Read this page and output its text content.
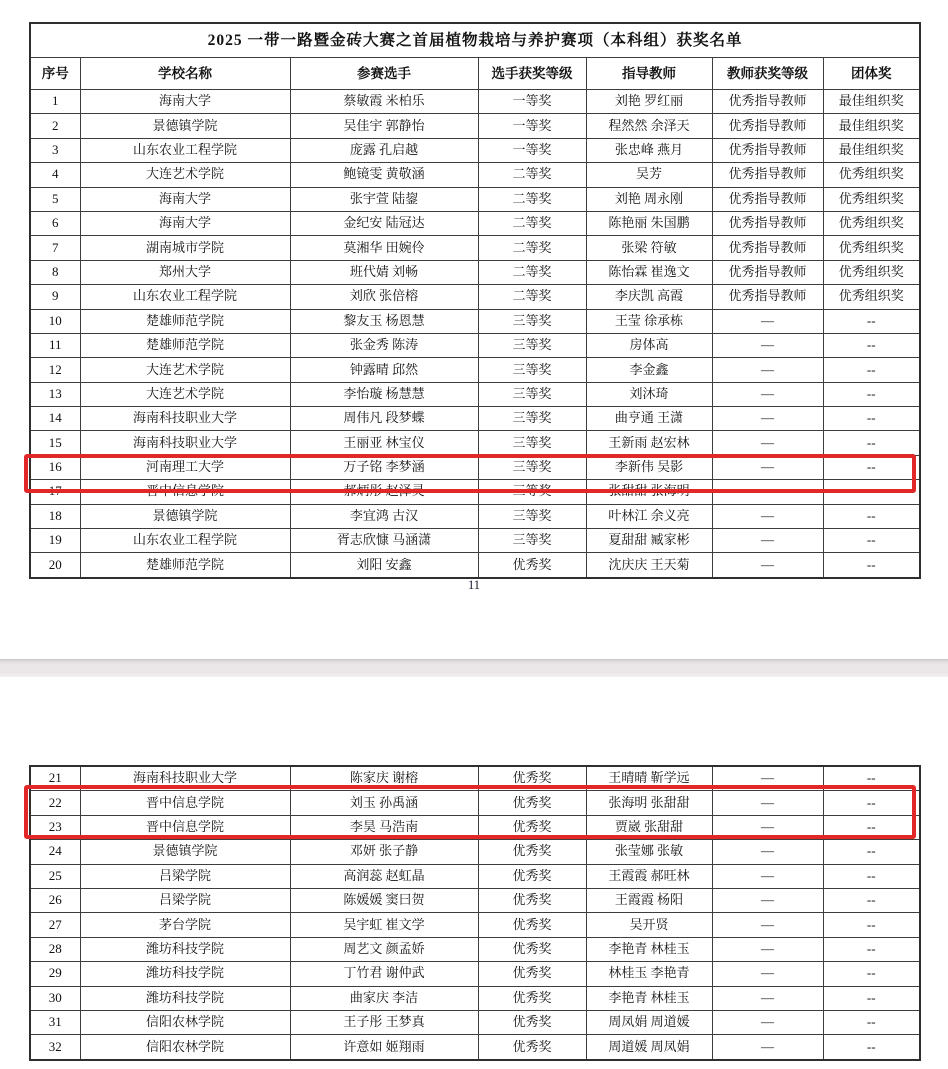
2025 一带一路暨金砖大赛之首届植物栽培与养护赛项（本科组）获奖名单						
序号	学校名称	参赛选手	选手获奖等级	指导教师	教师获奖等级	团体奖
1	海南大学	蔡敏霞 米柏乐	一等奖	刘艳 罗红丽	优秀指导教师	最佳组织奖
2	景德镇学院	吴佳宇 郭静怡	一等奖	程然然 余泽天	优秀指导教师	最佳组织奖
3	山东农业工程学院	庞露 孔启越	一等奖	张忠峰 燕月	优秀指导教师	最佳组织奖
4	大连艺术学院	鲍镜雯 黄敬涵	二等奖	吴芳	优秀指导教师	优秀组织奖
5	海南大学	张宇萱 陆鋆	二等奖	刘艳 周永刚	优秀指导教师	优秀组织奖
6	海南大学	金纪安 陆冠达	二等奖	陈艳丽 朱国鹏	优秀指导教师	优秀组织奖
7	湖南城市学院	莫湘华 田婉伶	二等奖	张梁 符敏	优秀指导教师	优秀组织奖
8	郑州大学	班代婧 刘畅	二等奖	陈怡霖 崔逸文	优秀指导教师	优秀组织奖
9	山东农业工程学院	刘欣 张倍榕	二等奖	李庆凯 高霞	优秀指导教师	优秀组织奖
10	楚雄师范学院	黎友玉 杨恩慧	三等奖	王莹 徐承栋	—	--
11	楚雄师范学院	张金秀 陈涛	三等奖	房体高	—	--
12	大连艺术学院	钟露晴 邱然	三等奖	李金鑫	—	--
13	大连艺术学院	李怡璇 杨慧慧	三等奖	刘沐琦	—	--
14	海南科技职业大学	周伟凡 段梦蝶	三等奖	曲亨通 王潇	—	--
15	海南科技职业大学	王丽亚 林宝仪	三等奖	王新雨 赵宏林	—	--
16	河南理工大学	万子铭 李梦涵	三等奖	李新伟 吴影	—	--
17	晋中信息学院	郝炳彤 赵泽灵	三等奖	张甜甜 张海明	—	--
18	景德镇学院	李宜鸿 古汉	三等奖	叶林江 余义亮	—	--
19	山东农业工程学院	胥志欣慷 马涵潇	三等奖	夏甜甜 臧家彬	—	--
20	楚雄师范学院	刘阳 安鑫	优秀奖	沈庆庆 王天菊	—	--
11
21	海南科技职业大学	陈家庆 谢榕	优秀奖	王晴晴 靳学远	—	--
22	晋中信息学院	刘玉 孙禹涵	优秀奖	张海明 张甜甜	—	--
23	晋中信息学院	李昊 马浩南	优秀奖	贾崴 张甜甜	—	--
24	景德镇学院	邓妍 张子静	优秀奖	张莹娜 张敏	—	--
25	吕梁学院	高润蕊 赵虹晶	优秀奖	王霞霞 郝旺林	—	--
26	吕梁学院	陈媛媛 窦曰贺	优秀奖	王霞霞 杨阳	—	--
27	茅台学院	吴宇虹 崔文学	优秀奖	吴开贤	—	--
28	潍坊科技学院	周艺文 颜孟娇	优秀奖	李艳青 林桂玉	—	--
29	潍坊科技学院	丁竹君 谢仲武	优秀奖	林桂玉 李艳青	—	--
30	潍坊科技学院	曲家庆 李洁	优秀奖	李艳青 林桂玉	—	--
31	信阳农林学院	王子彤 王梦真	优秀奖	周凤娟 周道媛	—	--
32	信阳农林学院	许意如 姬翔雨	优秀奖	周道媛 周凤娟	—	--
